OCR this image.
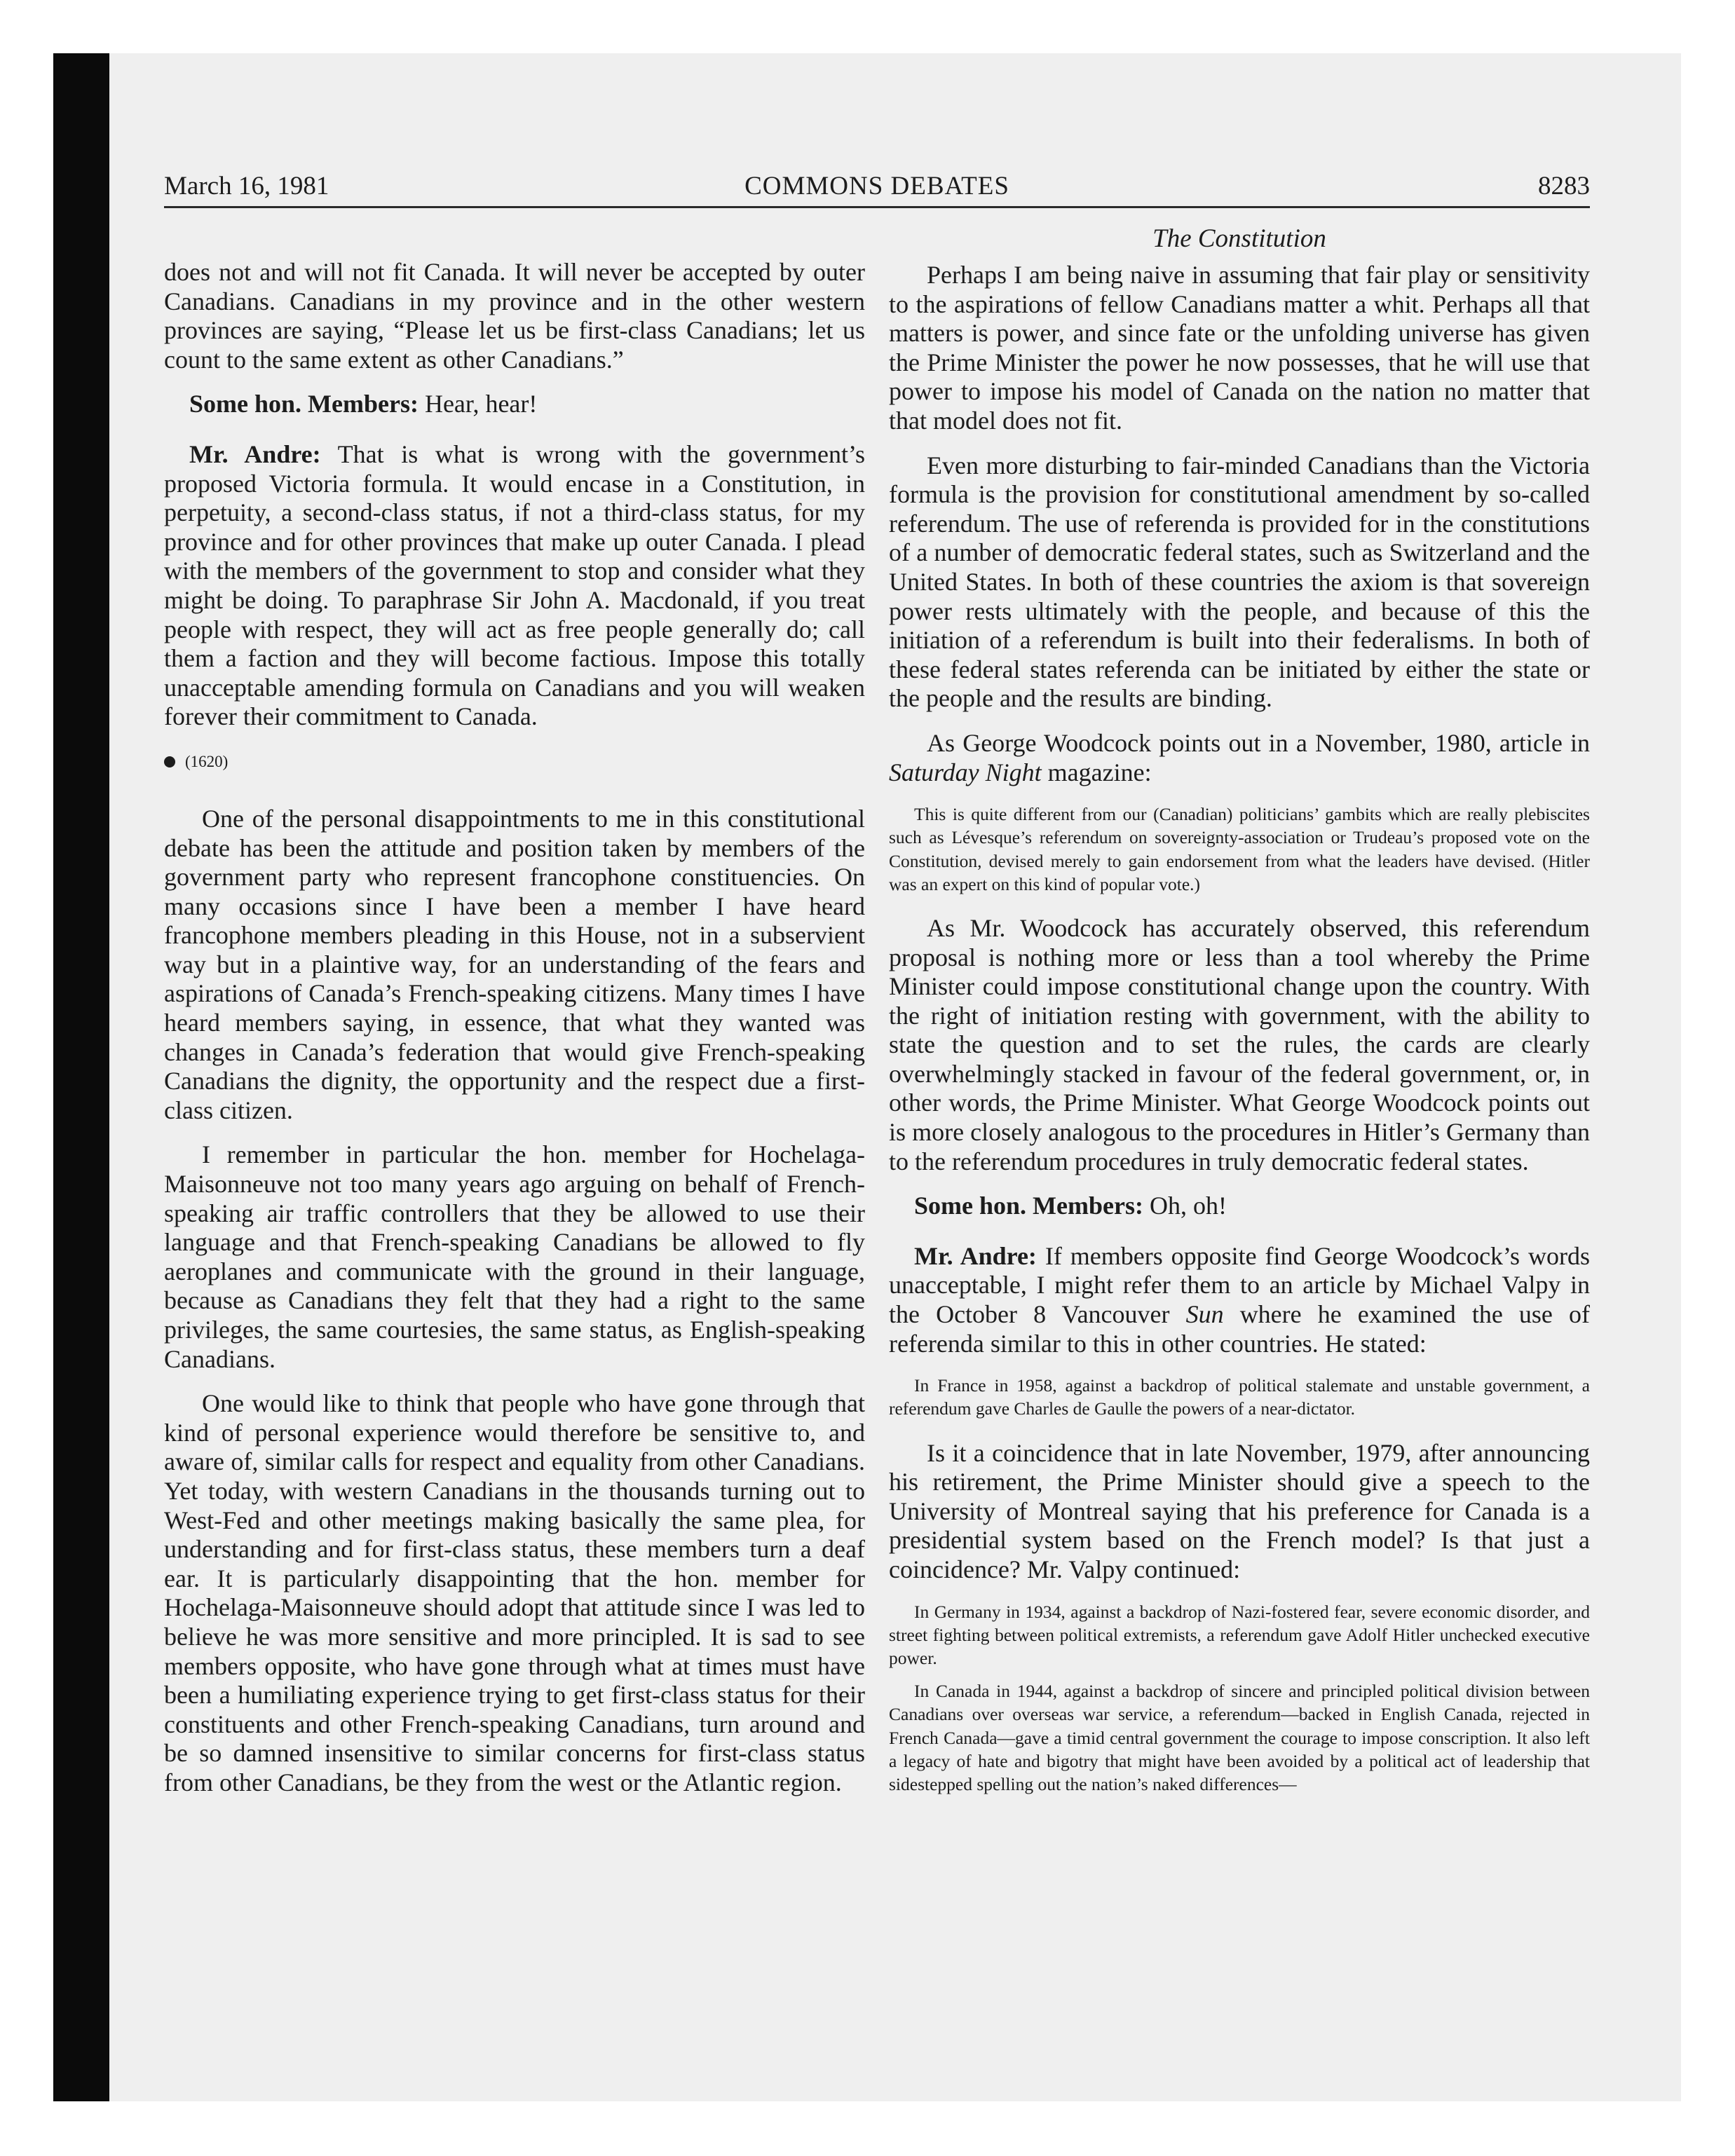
March 16, 1981	COMMONS DEBATES	8283

does not and will not fit Canada. It will never be accepted by outer Canadians. Canadians in my province and in the other western provinces are saying, “Please let us be first-class Canadians; let us count to the same extent as other Canadians.”

Some hon. Members: Hear, hear!

Mr. Andre: That is what is wrong with the government’s proposed Victoria formula. It would encase in a Constitution, in perpetuity, a second-class status, if not a third-class status, for my province and for other provinces that make up outer Canada. I plead with the members of the government to stop and consider what they might be doing. To paraphrase Sir John A. Macdonald, if you treat people with respect, they will act as free people generally do; call them a faction and they will become factious. Impose this totally unacceptable amending formula on Canadians and you will weaken forever their commitment to Canada.

(1620)

One of the personal disappointments to me in this constitutional debate has been the attitude and position taken by members of the government party who represent francophone constituencies. On many occasions since I have been a member I have heard francophone members pleading in this House, not in a subservient way but in a plaintive way, for an understanding of the fears and aspirations of Canada’s French-speaking citizens. Many times I have heard members saying, in essence, that what they wanted was changes in Canada’s federation that would give French-speaking Canadians the dignity, the opportunity and the respect due a first-class citizen.

I remember in particular the hon. member for Hochelaga-Maisonneuve not too many years ago arguing on behalf of French-speaking air traffic controllers that they be allowed to use their language and that French-speaking Canadians be allowed to fly aeroplanes and communicate with the ground in their language, because as Canadians they felt that they had a right to the same privileges, the same courtesies, the same status, as English-speaking Canadians.

One would like to think that people who have gone through that kind of personal experience would therefore be sensitive to, and aware of, similar calls for respect and equality from other Canadians. Yet today, with western Canadians in the thousands turning out to West-Fed and other meetings making basically the same plea, for understanding and for first-class status, these members turn a deaf ear. It is particularly disappointing that the hon. member for Hochelaga-Maisonneuve should adopt that attitude since I was led to believe he was more sensitive and more principled. It is sad to see members opposite, who have gone through what at times must have been a humiliating experience trying to get first-class status for their constituents and other French-speaking Canadians, turn around and be so damned insensitive to similar concerns for first-class status from other Canadians, be they from the west or the Atlantic region.

The Constitution

Perhaps I am being naive in assuming that fair play or sensitivity to the aspirations of fellow Canadians matter a whit. Perhaps all that matters is power, and since fate or the unfolding universe has given the Prime Minister the power he now possesses, that he will use that power to impose his model of Canada on the nation no matter that that model does not fit.

Even more disturbing to fair-minded Canadians than the Victoria formula is the provision for constitutional amendment by so-called referendum. The use of referenda is provided for in the constitutions of a number of democratic federal states, such as Switzerland and the United States. In both of these countries the axiom is that sovereign power rests ultimately with the people, and because of this the initiation of a referendum is built into their federalisms. In both of these federal states referenda can be initiated by either the state or the people and the results are binding.

As George Woodcock points out in a November, 1980, article in Saturday Night magazine:

This is quite different from our (Canadian) politicians’ gambits which are really plebiscites such as Lévesque’s referendum on sovereignty-association or Trudeau’s proposed vote on the Constitution, devised merely to gain endorsement from what the leaders have devised. (Hitler was an expert on this kind of popular vote.)

As Mr. Woodcock has accurately observed, this referendum proposal is nothing more or less than a tool whereby the Prime Minister could impose constitutional change upon the country. With the right of initiation resting with government, with the ability to state the question and to set the rules, the cards are clearly overwhelmingly stacked in favour of the federal government, or, in other words, the Prime Minister. What George Woodcock points out is more closely analogous to the procedures in Hitler’s Germany than to the referendum procedures in truly democratic federal states.

Some hon. Members: Oh, oh!

Mr. Andre: If members opposite find George Woodcock’s words unacceptable, I might refer them to an article by Michael Valpy in the October 8 Vancouver Sun where he examined the use of referenda similar to this in other countries. He stated:

In France in 1958, against a backdrop of political stalemate and unstable government, a referendum gave Charles de Gaulle the powers of a near-dictator.

Is it a coincidence that in late November, 1979, after announcing his retirement, the Prime Minister should give a speech to the University of Montreal saying that his preference for Canada is a presidential system based on the French model? Is that just a coincidence? Mr. Valpy continued:

In Germany in 1934, against a backdrop of Nazi-fostered fear, severe economic disorder, and street fighting between political extremists, a referendum gave Adolf Hitler unchecked executive power.
In Canada in 1944, against a backdrop of sincere and principled political division between Canadians over overseas war service, a referendum—backed in English Canada, rejected in French Canada—gave a timid central government the courage to impose conscription. It also left a legacy of hate and bigotry that might have been avoided by a political act of leadership that sidestepped spelling out the nation’s naked differences—
